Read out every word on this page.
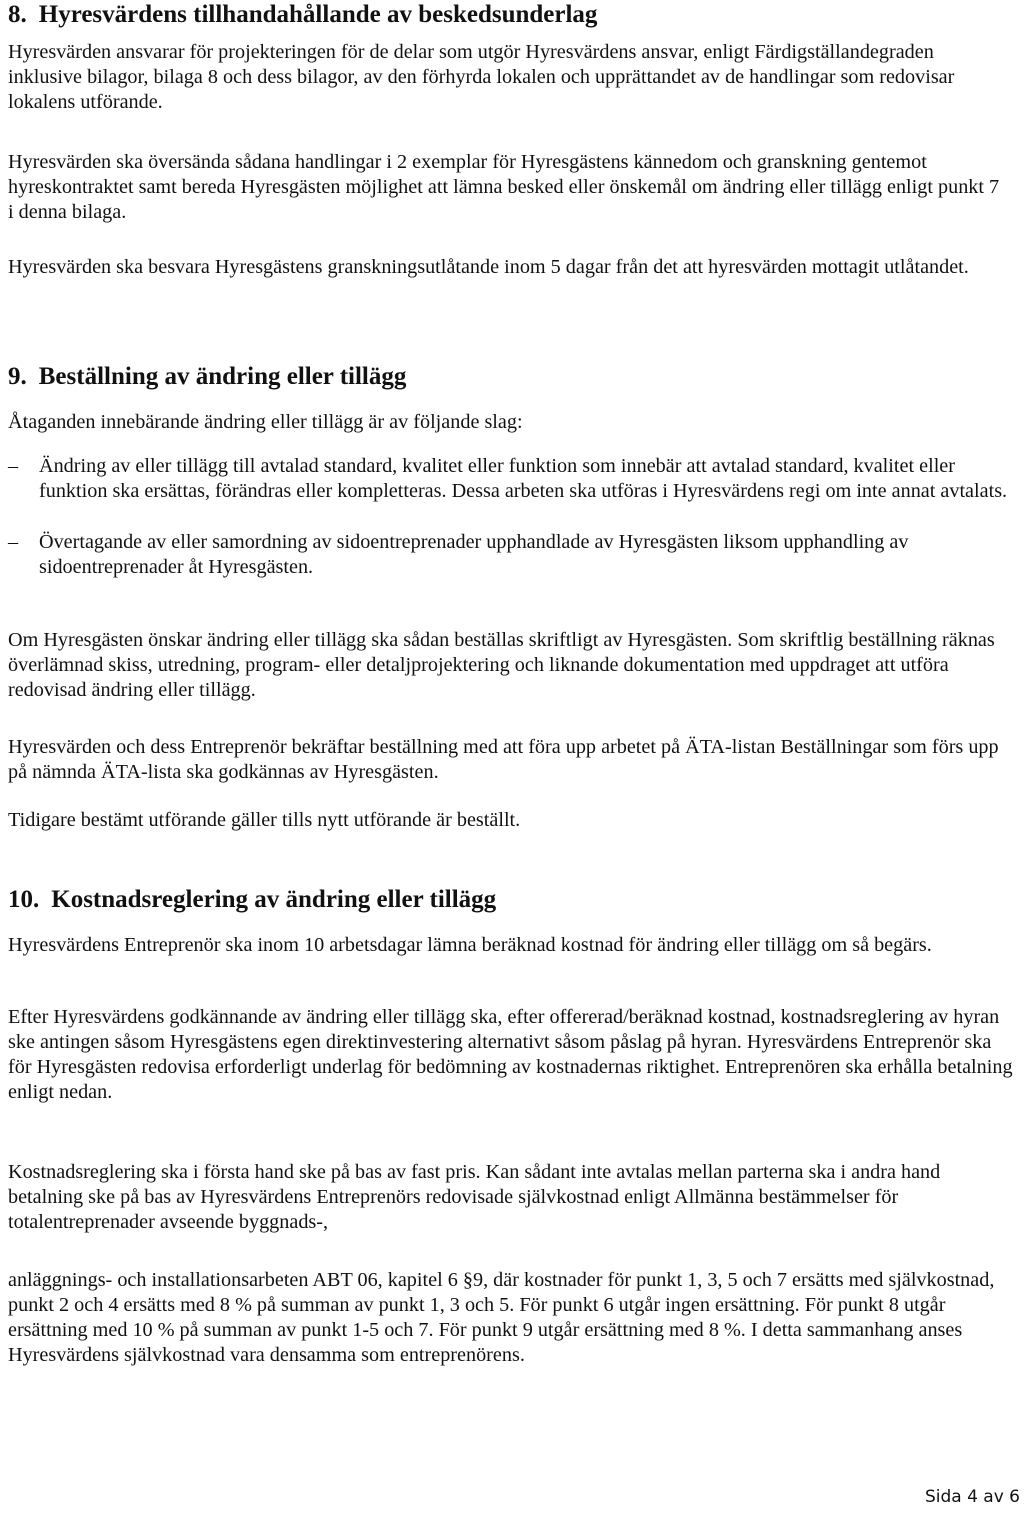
8. Hyresvärdens tillhandahållande av beskedsunderlag

Hyresvärden ansvarar för projekteringen för de delar som utgör Hyresvärdens ansvar, enligt Färdigställandegraden inklusive bilagor, bilaga 8 och dess bilagor, av den förhyrda lokalen och upprättandet av de handlingar som redovisar lokalens utförande.

Hyresvärden ska översända sådana handlingar i 2 exemplar för Hyresgästens kännedom och granskning gentemot hyreskontraktet samt bereda Hyresgästen möjlighet att lämna besked eller önskemål om ändring eller tillägg enligt punkt 7 i denna bilaga.

Hyresvärden ska besvara Hyresgästens granskningsutlåtande inom 5 dagar från det att hyresvärden mottagit utlåtandet.

9. Beställning av ändring eller tillägg

Åtaganden innebärande ändring eller tillägg är av följande slag:

– Ändring av eller tillägg till avtalad standard, kvalitet eller funktion som innebär att avtalad standard, kvalitet eller funktion ska ersättas, förändras eller kompletteras. Dessa arbeten ska utföras i Hyresvärdens regi om inte annat avtalats.
– Övertagande av eller samordning av sidoentreprenader upphandlade av Hyresgästen liksom upphandling av sidoentreprenader åt Hyresgästen.

Om Hyresgästen önskar ändring eller tillägg ska sådan beställas skriftligt av Hyresgästen. Som skriftlig beställning räknas överlämnad skiss, utredning, program- eller detaljprojektering och liknande dokumentation med uppdraget att utföra redovisad ändring eller tillägg.

Hyresvärden och dess Entreprenör bekräftar beställning med att föra upp arbetet på ÄTA-listan Beställningar som förs upp på nämnda ÄTA-lista ska godkännas av Hyresgästen.

Tidigare bestämt utförande gäller tills nytt utförande är beställt.

10. Kostnadsreglering av ändring eller tillägg

Hyresvärdens Entreprenör ska inom 10 arbetsdagar lämna beräknad kostnad för ändring eller tillägg om så begärs.

Efter Hyresvärdens godkännande av ändring eller tillägg ska, efter offererad/beräknad kostnad, kostnadsreglering av hyran ske antingen såsom Hyresgästens egen direktinvestering alternativt såsom påslag på hyran. Hyresvärdens Entreprenör ska för Hyresgästen redovisa erforderligt underlag för bedömning av kostnadernas riktighet. Entreprenören ska erhålla betalning enligt nedan.

Kostnadsreglering ska i första hand ske på bas av fast pris. Kan sådant inte avtalas mellan parterna ska i andra hand betalning ske på bas av Hyresvärdens Entreprenörs redovisade självkostnad enligt Allmänna bestämmelser för totalentreprenader avseende byggnads-,

anläggnings- och installationsarbeten ABT 06, kapitel 6 §9, där kostnader för punkt 1, 3, 5 och 7 ersätts med självkostnad, punkt 2 och 4 ersätts med 8 % på summan av punkt 1, 3 och 5. För punkt 6 utgår ingen ersättning. För punkt 8 utgår ersättning med 10 % på summan av punkt 1-5 och 7. För punkt 9 utgår ersättning med 8 %. I detta sammanhang anses Hyresvärdens självkostnad vara densamma som entreprenörens.

Sida 4 av 6
